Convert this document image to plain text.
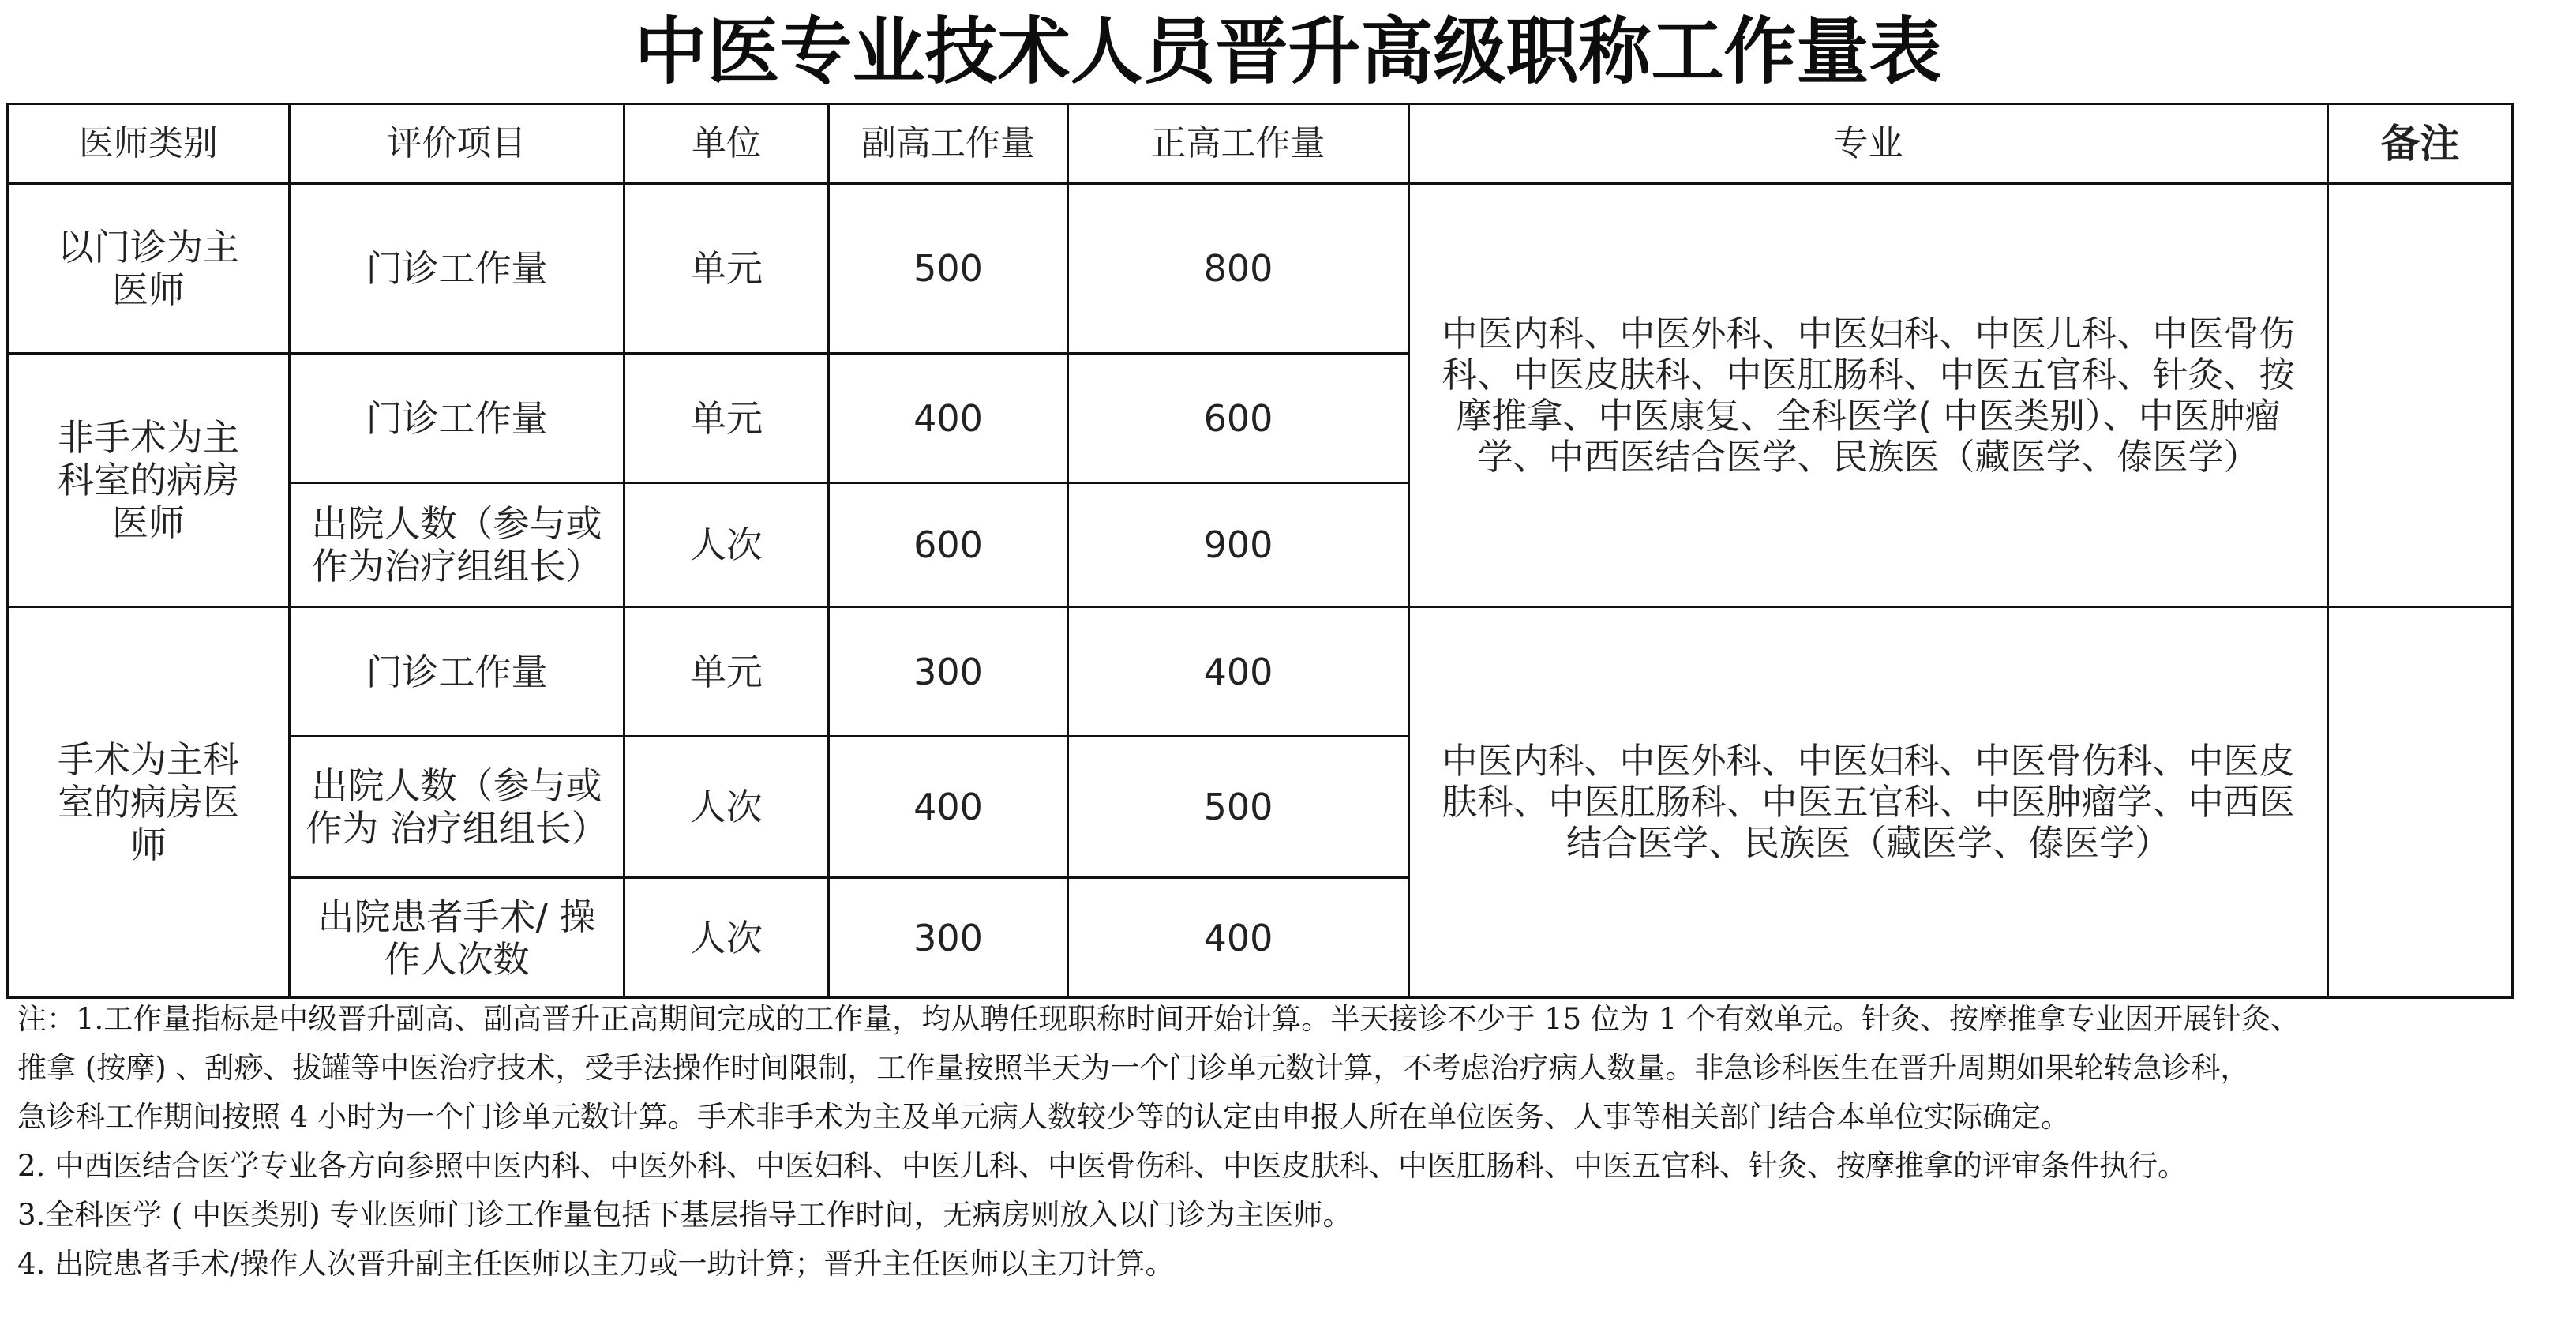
中医专业技术人员晋升高级职称工作量表
医师类别	评价项目	单位	副高工作量	正高工作量	专业	备注
以门诊为主医师	门诊工作量	单元	500	800	中医内科、中医外科、中医妇科、中医儿科、中医骨伤科、中医皮肤科、中医肛肠科、中医五官科、针灸、按摩推拿、中医康复、全科医学( 中医类别）、中医肿瘤学、中西医结合医学、民族医（藏医学、傣医学）	
非手术为主科室的病房医师	门诊工作量	单元	400	600		
	出院人数（参与或作为治疗组组长）	人次	600	900		
手术为主科室的病房医师	门诊工作量	单元	300	400	中医内科、中医外科、中医妇科、中医骨伤科、中医皮肤科、中医肛肠科、中医五官科、中医肿瘤学、中西医结合医学、民族医（藏医学、傣医学）	
	出院人数（参与或作为 治疗组组长）	人次	400	500		
	出院患者手术/ 操作人次数	人次	300	400		

注：1.工作量指标是中级晋升副高、副高晋升正高期间完成的工作量，均从聘任现职称时间开始计算。半天接诊不少于 15 位为 1 个有效单元。针灸、按摩推拿专业因开展针灸、

推拿 (按摩) 、刮痧、拔罐等中医治疗技术，受手法操作时间限制，工作量按照半天为一个门诊单元数计算，不考虑治疗病人数量。非急诊科医生在晋升周期如果轮转急诊科，

急诊科工作期间按照 4 小时为一个门诊单元数计算。手术非手术为主及单元病人数较少等的认定由申报人所在单位医务、人事等相关部门结合本单位实际确定。

2. 中西医结合医学专业各方向参照中医内科、中医外科、中医妇科、中医儿科、中医骨伤科、中医皮肤科、中医肛肠科、中医五官科、针灸、按摩推拿的评审条件执行。

3.全科医学 ( 中医类别) 专业医师门诊工作量包括下基层指导工作时间，无病房则放入以门诊为主医师。

4. 出院患者手术/操作人次晋升副主任医师以主刀或一助计算；晋升主任医师以主刀计算。
